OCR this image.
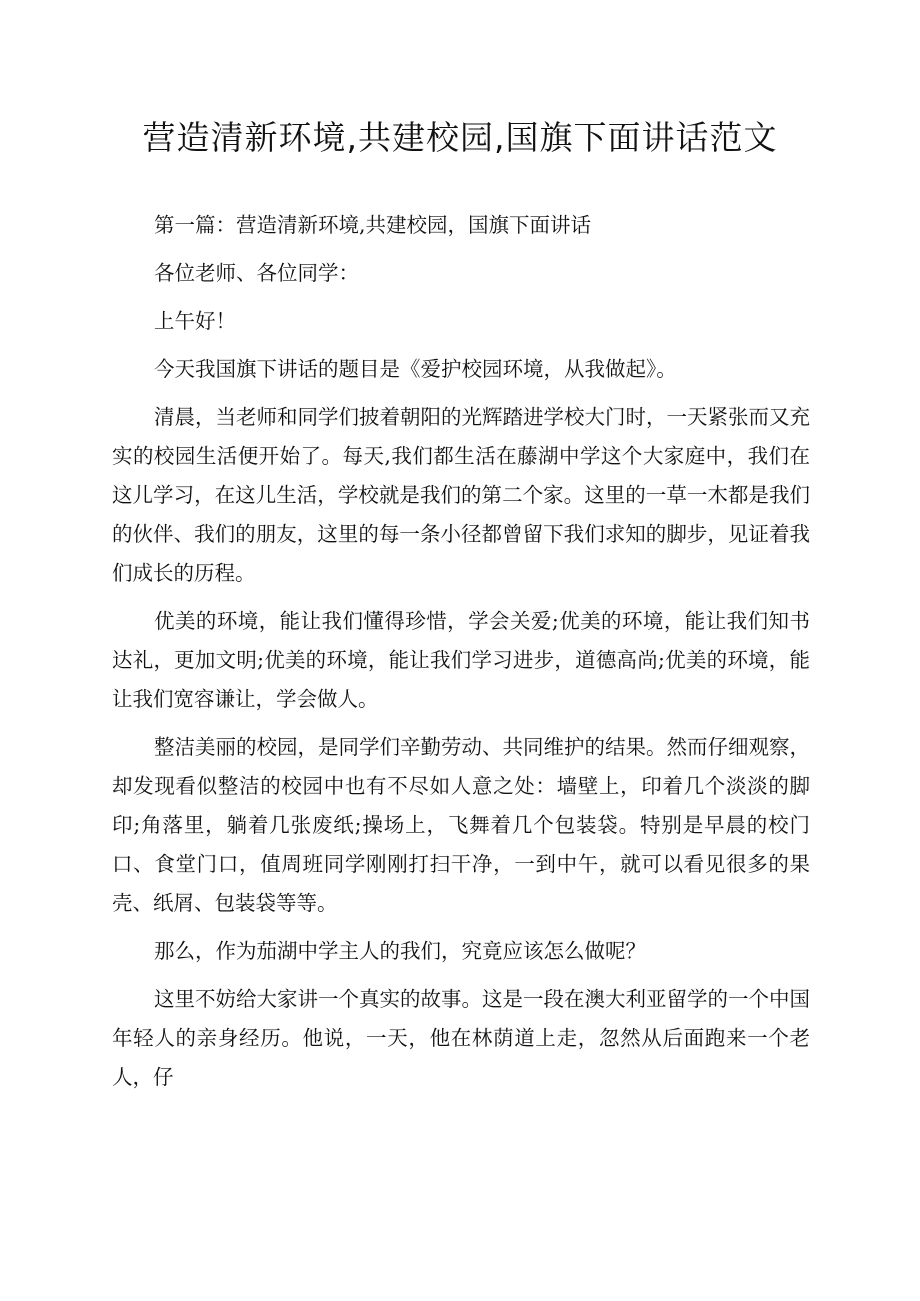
营造清新环境,共建校园,国旗下面讲话范文

第一篇：营造清新环境,共建校园，国旗下面讲话

各位老师、各位同学：

上午好！

今天我国旗下讲话的题目是《爱护校园环境，从我做起》。

清晨，当老师和同学们披着朝阳的光辉踏进学校大门时，一天紧张而又充实的校园生活便开始了。每天,我们都生活在藤湖中学这个大家庭中，我们在这儿学习，在这儿生活，学校就是我们的第二个家。这里的一草一木都是我们的伙伴、我们的朋友，这里的每一条小径都曾留下我们求知的脚步，见证着我们成长的历程。

优美的环境，能让我们懂得珍惜，学会关爱;优美的环境，能让我们知书达礼，更加文明;优美的环境，能让我们学习进步，道德高尚;优美的环境，能让我们宽容谦让，学会做人。

整洁美丽的校园，是同学们辛勤劳动、共同维护的结果。然而仔细观察，却发现看似整洁的校园中也有不尽如人意之处：墙壁上，印着几个淡淡的脚印;角落里，躺着几张废纸;操场上，飞舞着几个包装袋。特别是早晨的校门口、食堂门口，值周班同学刚刚打扫干净，一到中午，就可以看见很多的果壳、纸屑、包装袋等等。

那么，作为茄湖中学主人的我们，究竟应该怎么做呢？

这里不妨给大家讲一个真实的故事。这是一段在澳大利亚留学的一个中国年轻人的亲身经历。他说，一天，他在林荫道上走，忽然从后面跑来一个老人，仔
